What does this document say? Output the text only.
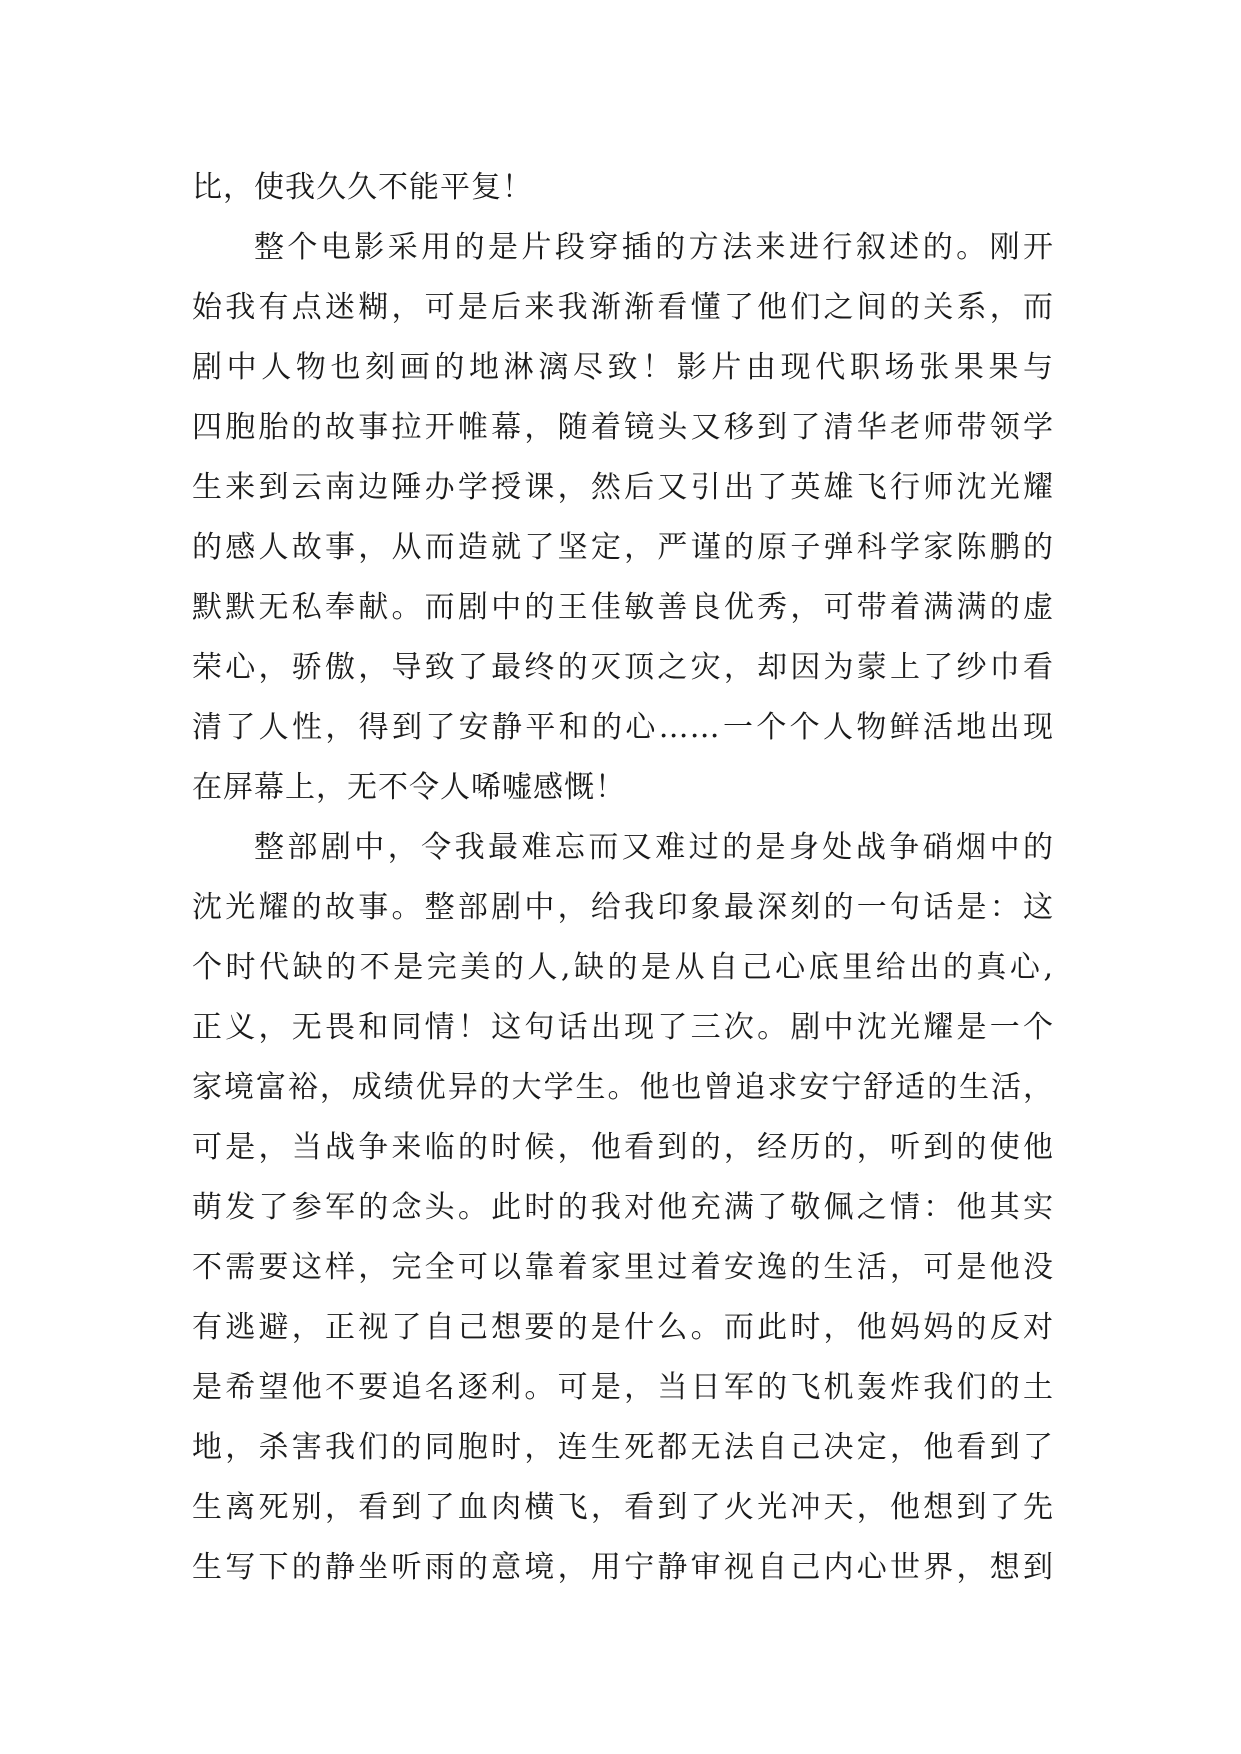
比，使我久久不能平复！
整个电影采用的是片段穿插的方法来进行叙述的。刚开
始我有点迷糊，可是后来我渐渐看懂了他们之间的关系，而
剧中人物也刻画的地淋漓尽致！影片由现代职场张果果与
四胞胎的故事拉开帷幕，随着镜头又移到了清华老师带领学
生来到云南边陲办学授课，然后又引出了英雄飞行师沈光耀
的感人故事，从而造就了坚定，严谨的原子弹科学家陈鹏的
默默无私奉献。而剧中的王佳敏善良优秀，可带着满满的虚
荣心，骄傲，导致了最终的灭顶之灾，却因为蒙上了纱巾看
清了人性，得到了安静平和的心……一个个人物鲜活地出现
在屏幕上，无不令人唏嘘感慨！
整部剧中，令我最难忘而又难过的是身处战争硝烟中的
沈光耀的故事。整部剧中，给我印象最深刻的一句话是：这
个时代缺的不是完美的人,缺的是从自己心底里给出的真心,
正义，无畏和同情！这句话出现了三次。剧中沈光耀是一个
家境富裕，成绩优异的大学生。他也曾追求安宁舒适的生活，
可是，当战争来临的时候，他看到的，经历的，听到的使他
萌发了参军的念头。此时的我对他充满了敬佩之情：他其实
不需要这样，完全可以靠着家里过着安逸的生活，可是他没
有逃避，正视了自己想要的是什么。而此时，他妈妈的反对
是希望他不要追名逐利。可是，当日军的飞机轰炸我们的土
地，杀害我们的同胞时，连生死都无法自己决定，他看到了
生离死别，看到了血肉横飞，看到了火光冲天，他想到了先
生写下的静坐听雨的意境，用宁静审视自己内心世界，想到
